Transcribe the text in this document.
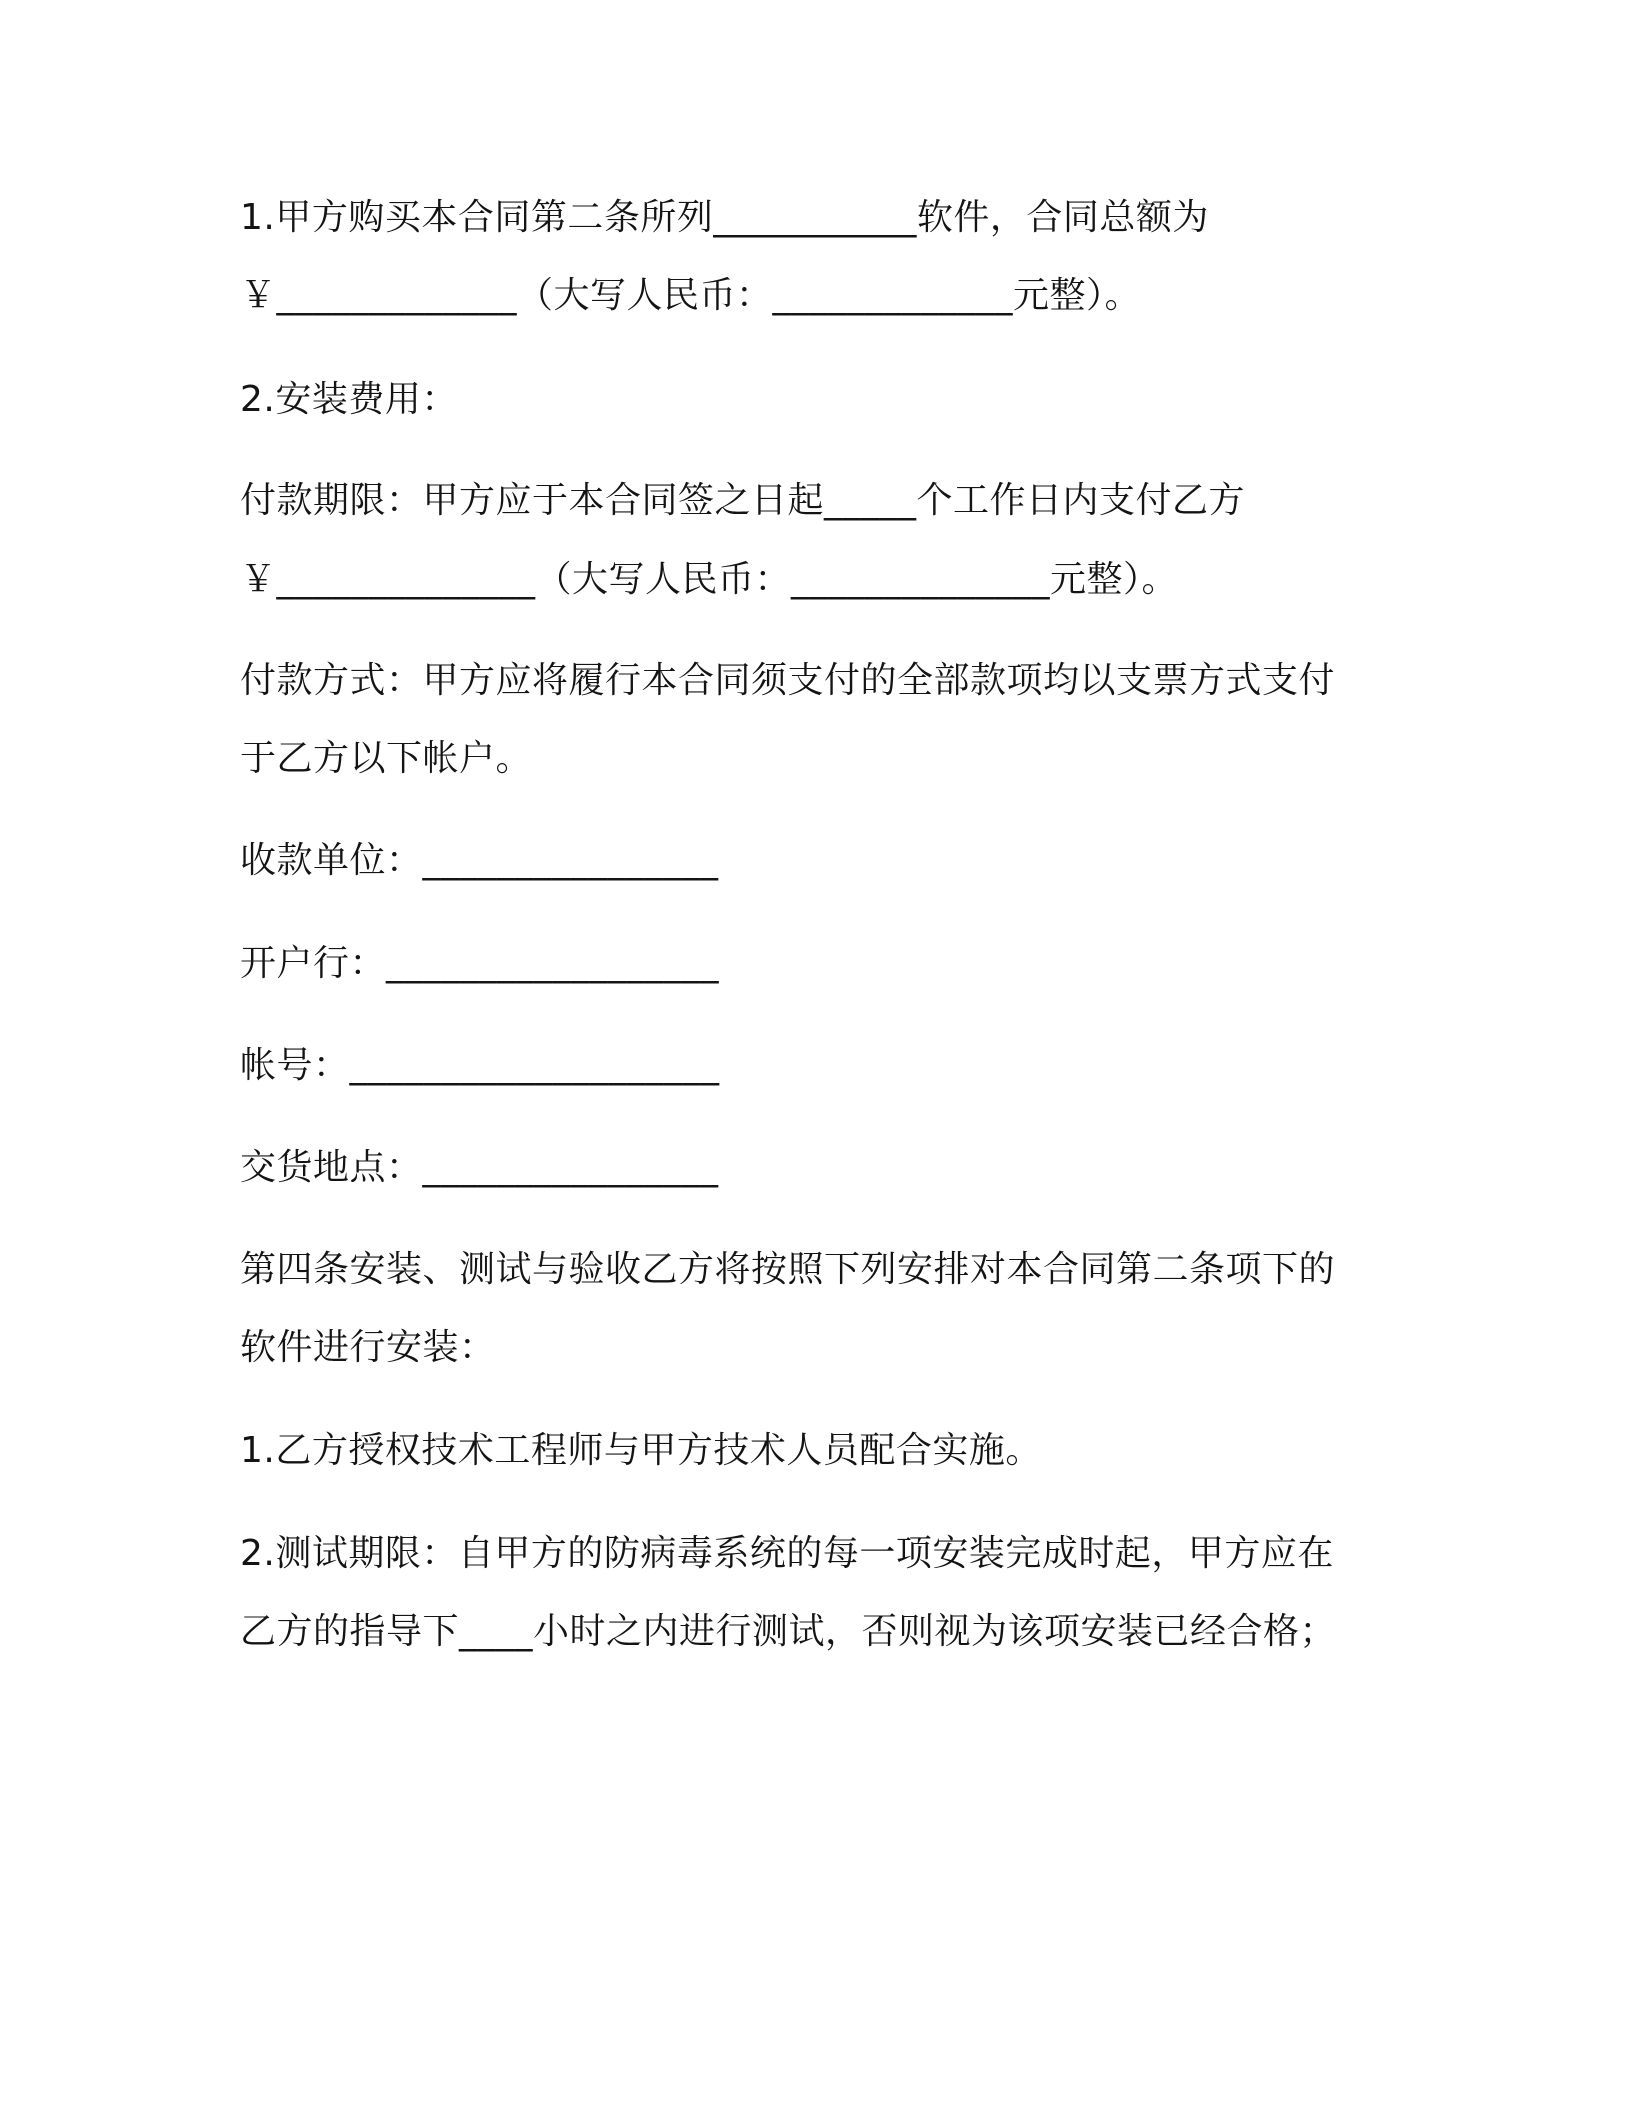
1.甲方购买本合同第二条所列___________软件，合同总额为
￥_____________（大写人民币：_____________元整）。
2.安装费用：
付款期限：甲方应于本合同签之日起_____个工作日内支付乙方
￥______________（大写人民币：______________元整）。
付款方式：甲方应将履行本合同须支付的全部款项均以支票方式支付
于乙方以下帐户。
收款单位：________________
开户行：__________________
帐号：____________________
交货地点：________________
第四条安装、测试与验收乙方将按照下列安排对本合同第二条项下的
软件进行安装：
1.乙方授权技术工程师与甲方技术人员配合实施。
2.测试期限：自甲方的防病毒系统的每一项安装完成时起，甲方应在
乙方的指导下____小时之内进行测试，否则视为该项安装已经合格；
